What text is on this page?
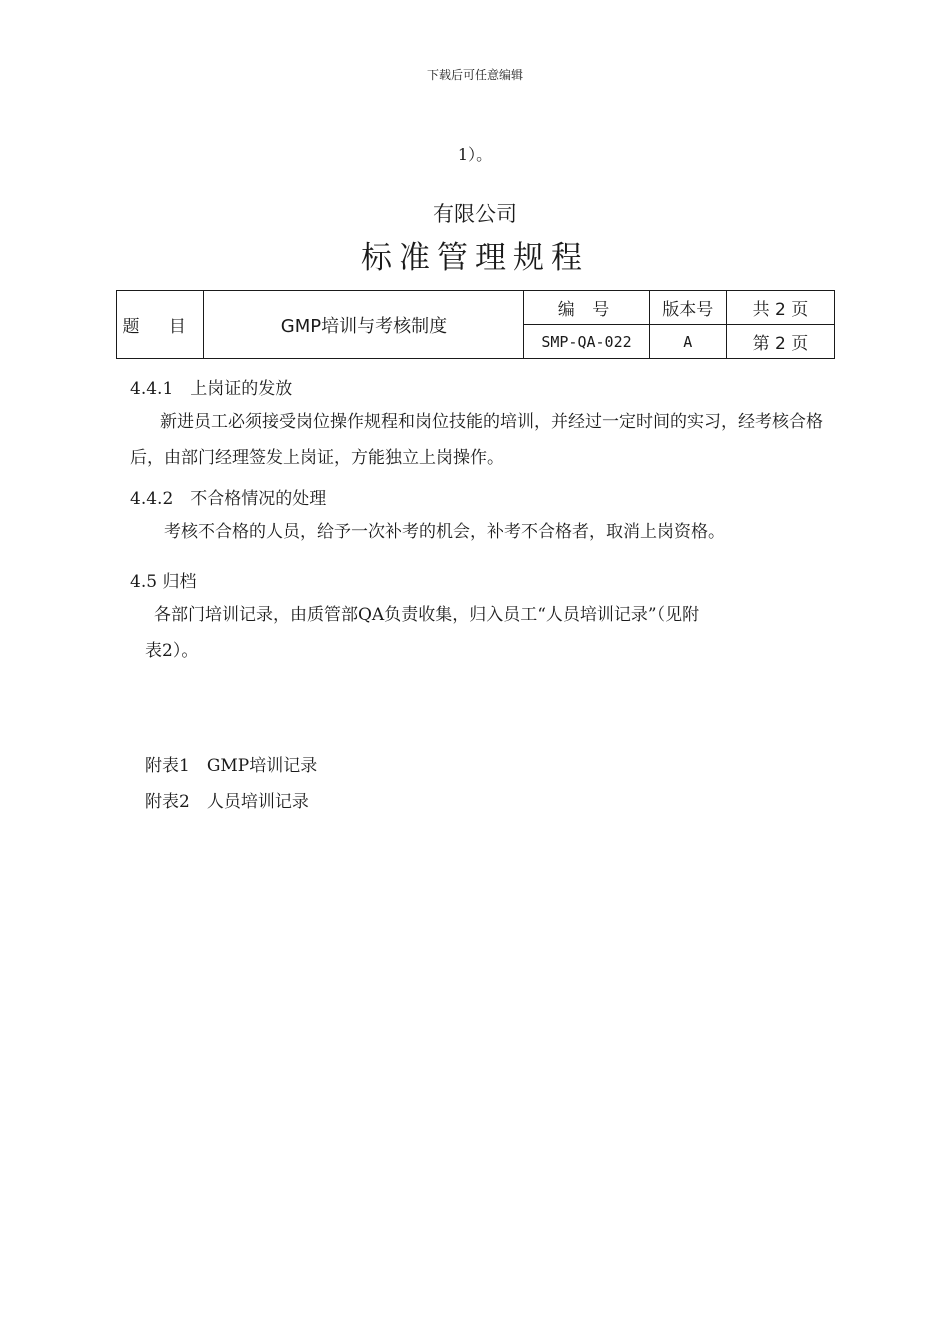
下载后可任意编辑
1）。
有限公司
标准管理规程
题 目	GMP培训与考核制度	编 号	版本号	共 2 页
		SMP-QA-022	A	第 2 页
4.4.1　上岗证的发放
新进员工必须接受岗位操作规程和岗位技能的培训，并经过一定时间的实习，经考核合格后，由部门经理签发上岗证，方能独立上岗操作。
4.4.2　不合格情况的处理
考核不合格的人员，给予一次补考的机会，补考不合格者，取消上岗资格。
4.5 归档
各部门培训记录，由质管部QA负责收集，归入员工“人员培训记录”（见附
表2）。
附表1　GMP培训记录
附表2　人员培训记录
